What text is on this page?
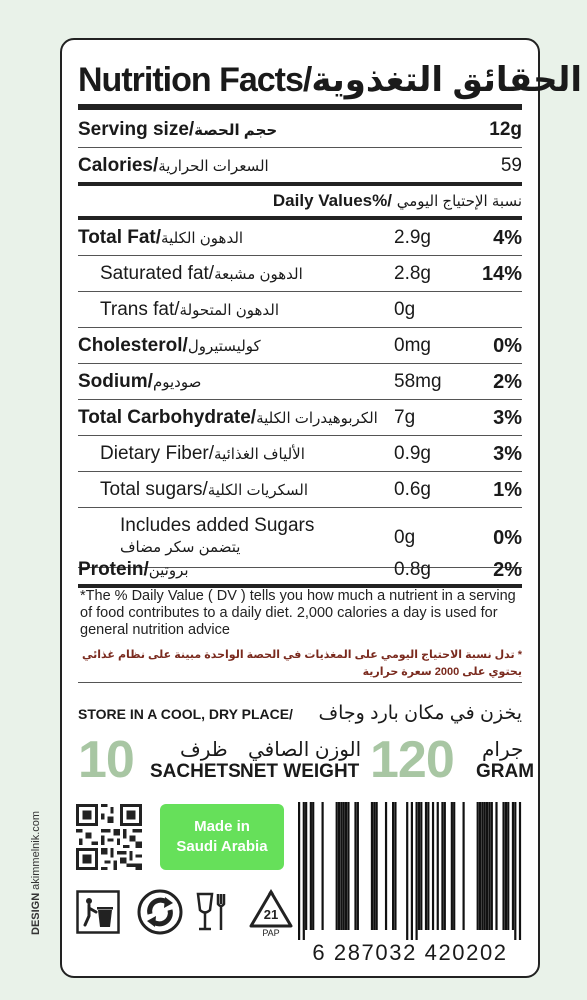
DESIGNakimmelnik.com
Nutrition Facts/الحقائق التغذوية
Serving size/حجم الحصة	12g
Calories/السعرات الحرارية	59
Daily Values%/ نسبة الإحتياج اليومي
Total Fat/الدهون الكلية	2.9g	4%
Saturated fat/الدهون مشبعة	2.8g	14%
Trans fat/الدهون المتحولة	0g
Cholesterol/كوليستيرول	0mg	0%
Sodium/صوديوم	58mg	2%
Total Carbohydrate/الكربوهيدرات الكلية 7g	3%
Dietary Fiber/الألياف الغذائية	0.9g	3%
Total sugars/السكريات الكلية	0.6g	1%
Includes added Sugars
يتضمن سكر مضاف	0g	0%
Protein/بروتين	0.8g	2%
*The % Daily Value ( DV ) tells you how much a nutrient in a serving of food contributes to a daily diet. 2,000 calories a day is used for general nutrition advice
* تدل نسبة الاحتياج اليومي على المغذيات في الحصة الواحدة مبينة على نظام غذائي يحتوي على 2000 سعرة حرارية
STORE IN A COOL, DRY PLACE/ يخزن في مكان بارد وجاف
10 ظرف
SACHETS
الوزن الصافي
NET WEIGHT 120 جرام
GRAM
Made in
Saudi Arabia
6 287032 420202
21
PAP
